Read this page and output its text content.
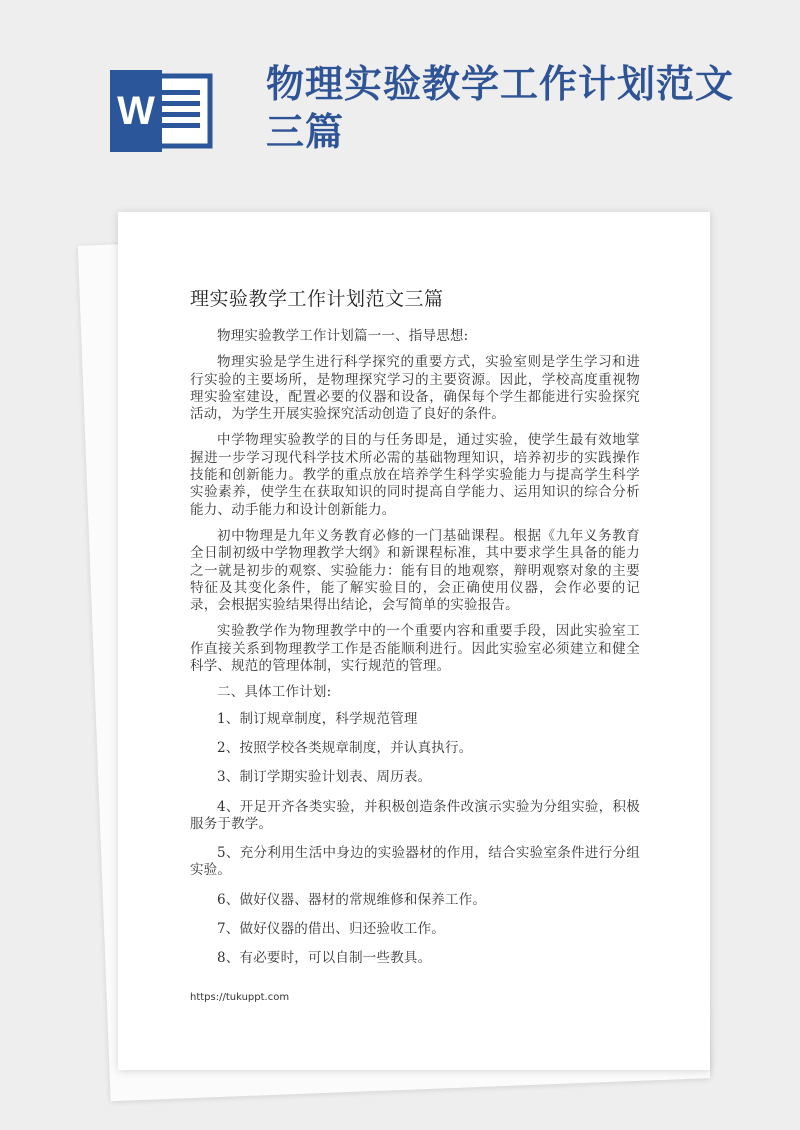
W
物理实验教学工作计划范文三篇
理实验教学工作计划范文三篇

物理实验教学工作计划篇一一、指导思想:

物理实验是学生进行科学探究的重要方式，实验室则是学生学习和进行实验的主要场所，是物理探究学习的主要资源。因此，学校高度重视物理实验室建设，配置必要的仪器和设备，确保每个学生都能进行实验探究活动，为学生开展实验探究活动创造了良好的条件。

中学物理实验教学的目的与任务即是，通过实验，使学生最有效地掌握进一步学习现代科学技术所必需的基础物理知识，培养初步的实践操作技能和创新能力。教学的重点放在培养学生科学实验能力与提高学生科学实验素养，使学生在获取知识的同时提高自学能力、运用知识的综合分析能力、动手能力和设计创新能力。

初中物理是九年义务教育必修的一门基础课程。根据《九年义务教育全日制初级中学物理教学大纲》和新课程标准，其中要求学生具备的能力之一就是初步的观察、实验能力：能有目的地观察，辩明观察对象的主要特征及其变化条件，能了解实验目的，会正确使用仪器，会作必要的记录，会根据实验结果得出结论，会写简单的实验报告。

实验教学作为物理教学中的一个重要内容和重要手段，因此实验室工作直接关系到物理教学工作是否能顺利进行。因此实验室必须建立和健全科学、规范的管理体制，实行规范的管理。

二、具体工作计划:

1、制订规章制度，科学规范管理

2、按照学校各类规章制度，并认真执行。

3、制订学期实验计划表、周历表。

4、开足开齐各类实验，并积极创造条件改演示实验为分组实验，积极服务于教学。

5、充分利用生活中身边的实验器材的作用，结合实验室条件进行分组实验。

6、做好仪器、器材的常规维修和保养工作。

7、做好仪器的借出、归还验收工作。

8、有必要时，可以自制一些教具。

https://tukuppt.com
